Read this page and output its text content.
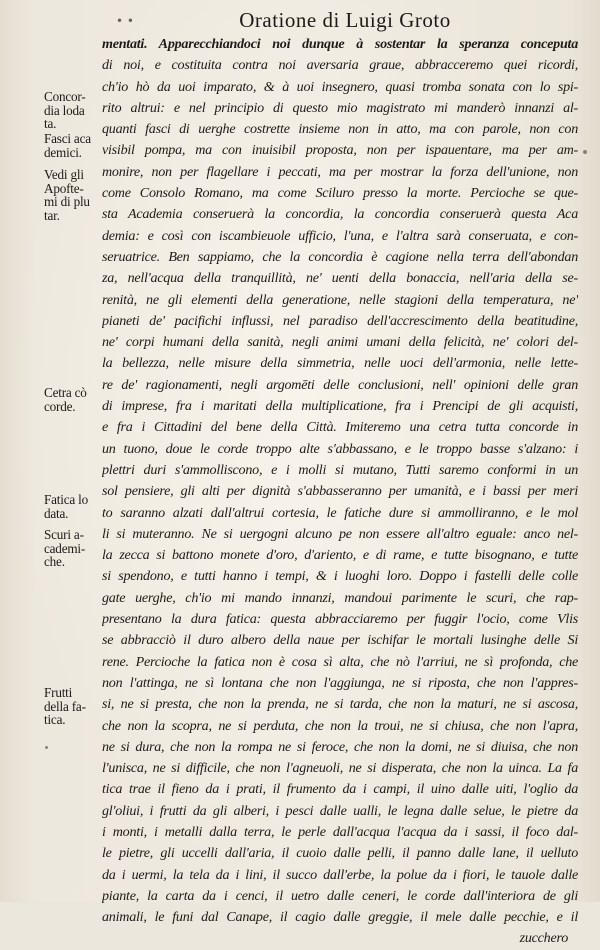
• •	Oratione di Luigi Groto
Concor-
dia loda
ta.
Fasci aca
demici.
Vedi gli
Apofte-
mi di plu
tar.
Cetra cò
corde.
Fatica lo
data.
Scuri a-
cademi-
che.
Frutti
della fa-
tica.
mentati. Apparecchiandoci noi dunque à sostentar la speranza conceputa
di noi, e costituita contra noi aversaria graue, abbracceremo quei ricordi,
ch'io hò da uoi imparato, & à uoi insegnero, quasi tromba sonata con lo spi-
rito altrui: e nel principio di questo mio magistrato mi manderò innanzi al-
quanti fasci di uerghe costrette insieme non in atto, ma con parole, non con
visibil pompa, ma con inuisibil proposta, non per ispauentare, ma per am-
monire, non per flagellare i peccati, ma per mostrar la forza dell'unione, non
come Consolo Romano, ma come Sciluro presso la morte. Percioche se que-
sta Academia conseruerà la concordia, la concordia conseruerà questa Aca
demia: e così con iscambieuole ufficio, l'una, e l'altra sarà conseruata, e con-
seruatrice. Ben sappiamo, che la concordia è cagione nella terra dell'abondan
za, nell'acqua della tranquillità, ne' uenti della bonaccia, nell'aria della se-
renità, ne gli elementi della generatione, nelle stagioni della temperatura, ne'
pianeti de' pacifichi influssi, nel paradiso dell'accrescimento della beatitudine,
ne' corpi humani della sanità, negli animi umani della felicità, ne' colori del-
la bellezza, nelle misure della simmetria, nelle uoci dell'armonia, nelle lette-
re de' ragionamenti, negli argomēti delle conclusioni, nell' opinioni delle gran
di imprese, fra i maritati della multiplicatione, fra i Prencipi de gli acquisti,
e fra i Cittadini del bene della Città. Imiteremo una cetra tutta concorde in
un tuono, doue le corde troppo alte s'abbassano, e le troppo basse s'alzano: i
plettri duri s'ammolliscono, e i molli si mutano, Tutti saremo conformi in un
sol pensiere, gli alti per dignità s'abbasseranno per umanità, e i bassi per meri
to saranno alzati dall'altrui cortesia, le fatiche dure si ammolliranno, e le mol
li si muteranno. Ne si uergogni alcuno pe non essere all'altro eguale: anco nel-
la zecca si battono monete d'oro, d'ariento, e di rame, e tutte bisognano, e tutte
si spendono, e tutti hanno i tempi, & i luoghi loro. Doppo i fastelli delle colle
gate uerghe, ch'io mi mando innanzi, mandoui parimente le scuri, che rap-
presentano la dura fatica: questa abbracciaremo per fuggir l'ocio, come Vlis
se abbracciò il duro albero della naue per ischifar le mortali lusinghe delle Si
rene. Percioche la fatica non è cosa sì alta, che nò l'arriui, ne sì profonda, che
non l'attinga, ne sì lontana che non l'aggiunga, ne si riposta, che non l'appres-
si, ne si presta, che non la prenda, ne si tarda, che non la maturi, ne si ascosa,
che non la scopra, ne si perduta, che non la troui, ne si chiusa, che non l'apra,
ne si dura, che non la rompa ne si feroce, che non la domi, ne si diuisa, che non
l'unisca, ne si difficile, che non l'agneuoli, ne si disperata, che non la uinca. La fa
tica trae il fieno da i prati, il frumento da i campi, il uino dalle uiti, l'oglio da
gl'oliui, i frutti da gli alberi, i pesci dalle ualli, le legna dalle selue, le pietre da
i monti, i metalli dalla terra, le perle dall'acqua l'acqua da i sassi, il foco dal-
le pietre, gli uccelli dall'aria, il cuoio dalle pelli, il panno dalle lane, il uelluto
da i uermi, la tela da i lini, il succo dall'erbe, la polue da i fiori, le tauole dalle
piante, la carta da i cenci, il uetro dalle ceneri, le corde dall'interiora de gli
animali, le funi dal Canape, il cagio dalle greggie, il mele dalle pecchie, e il
zucchero
